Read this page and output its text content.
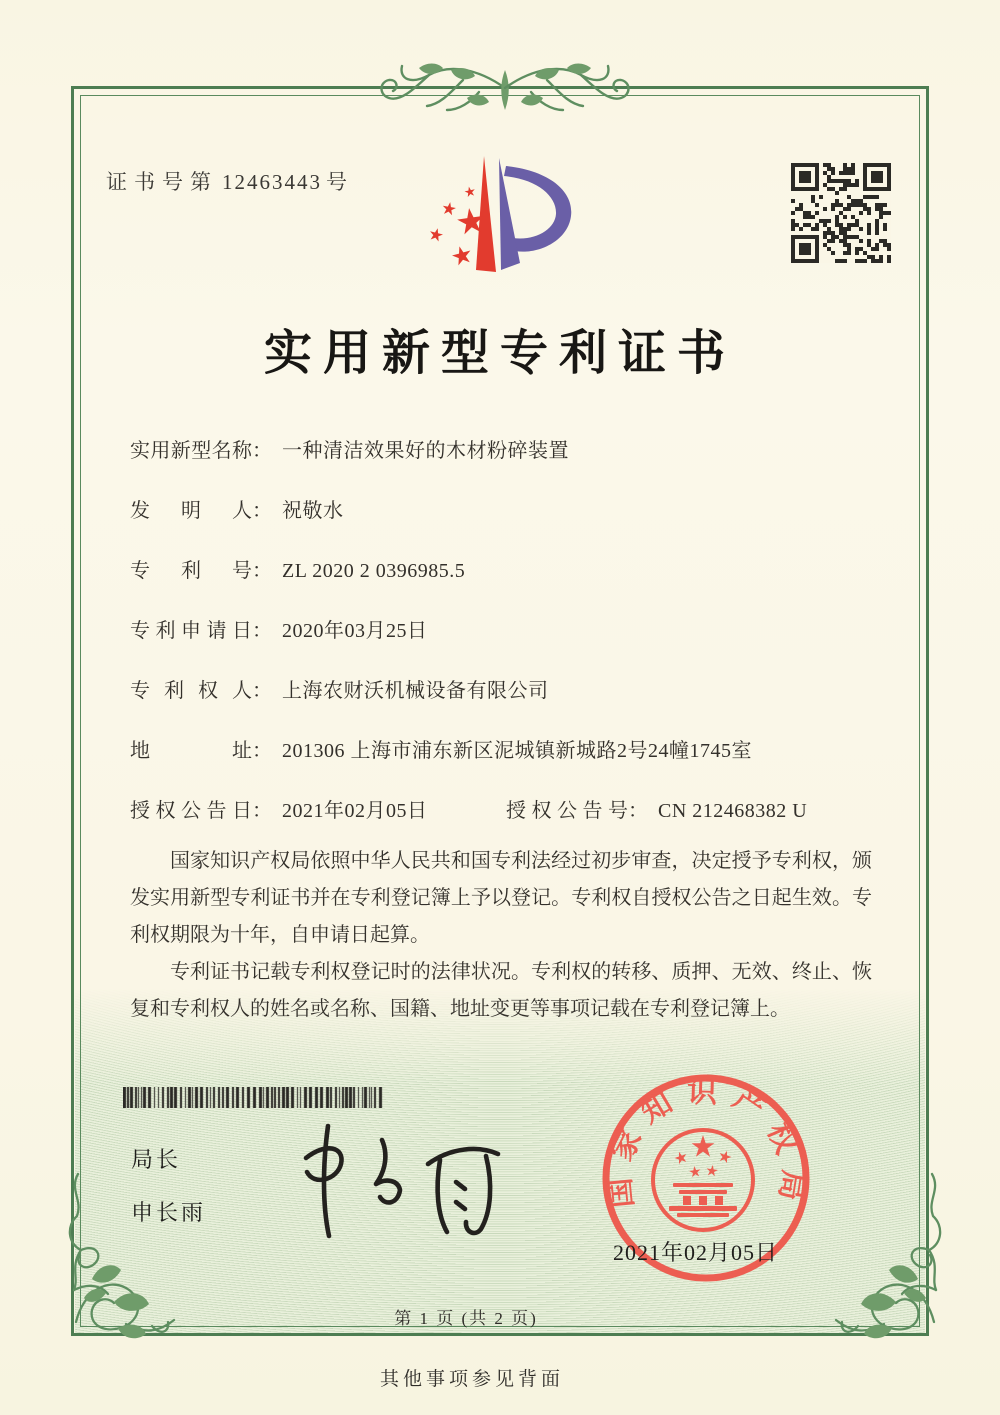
证书号第 12463443 号
实用新型专利证书
实用新型名称： 一种清洁效果好的木材粉碎装置
发明人： 祝敬水
专利号： ZL 2020 2 0396985.5
专利申请日： 2020年03月25日
专利权人： 上海农财沃机械设备有限公司
地址： 201306 上海市浦东新区泥城镇新城路2号24幢1745室
授权公告日： 2021年02月05日	授权公告号： CN 212468382 U

国家知识产权局依照中华人民共和国专利法经过初步审查，决定授予专利权，颁发实用新型专利证书并在专利登记簿上予以登记。专利权自授权公告之日起生效。专利权期限为十年，自申请日起算。

专利证书记载专利权登记时的法律状况。专利权的转移、质押、无效、终止、恢复和专利权人的姓名或名称、国籍、地址变更等事项记载在专利登记簿上。

局长
申长雨
国家知识产权局
2021年02月05日
第 1 页 (共 2 页)
其他事项参见背面
